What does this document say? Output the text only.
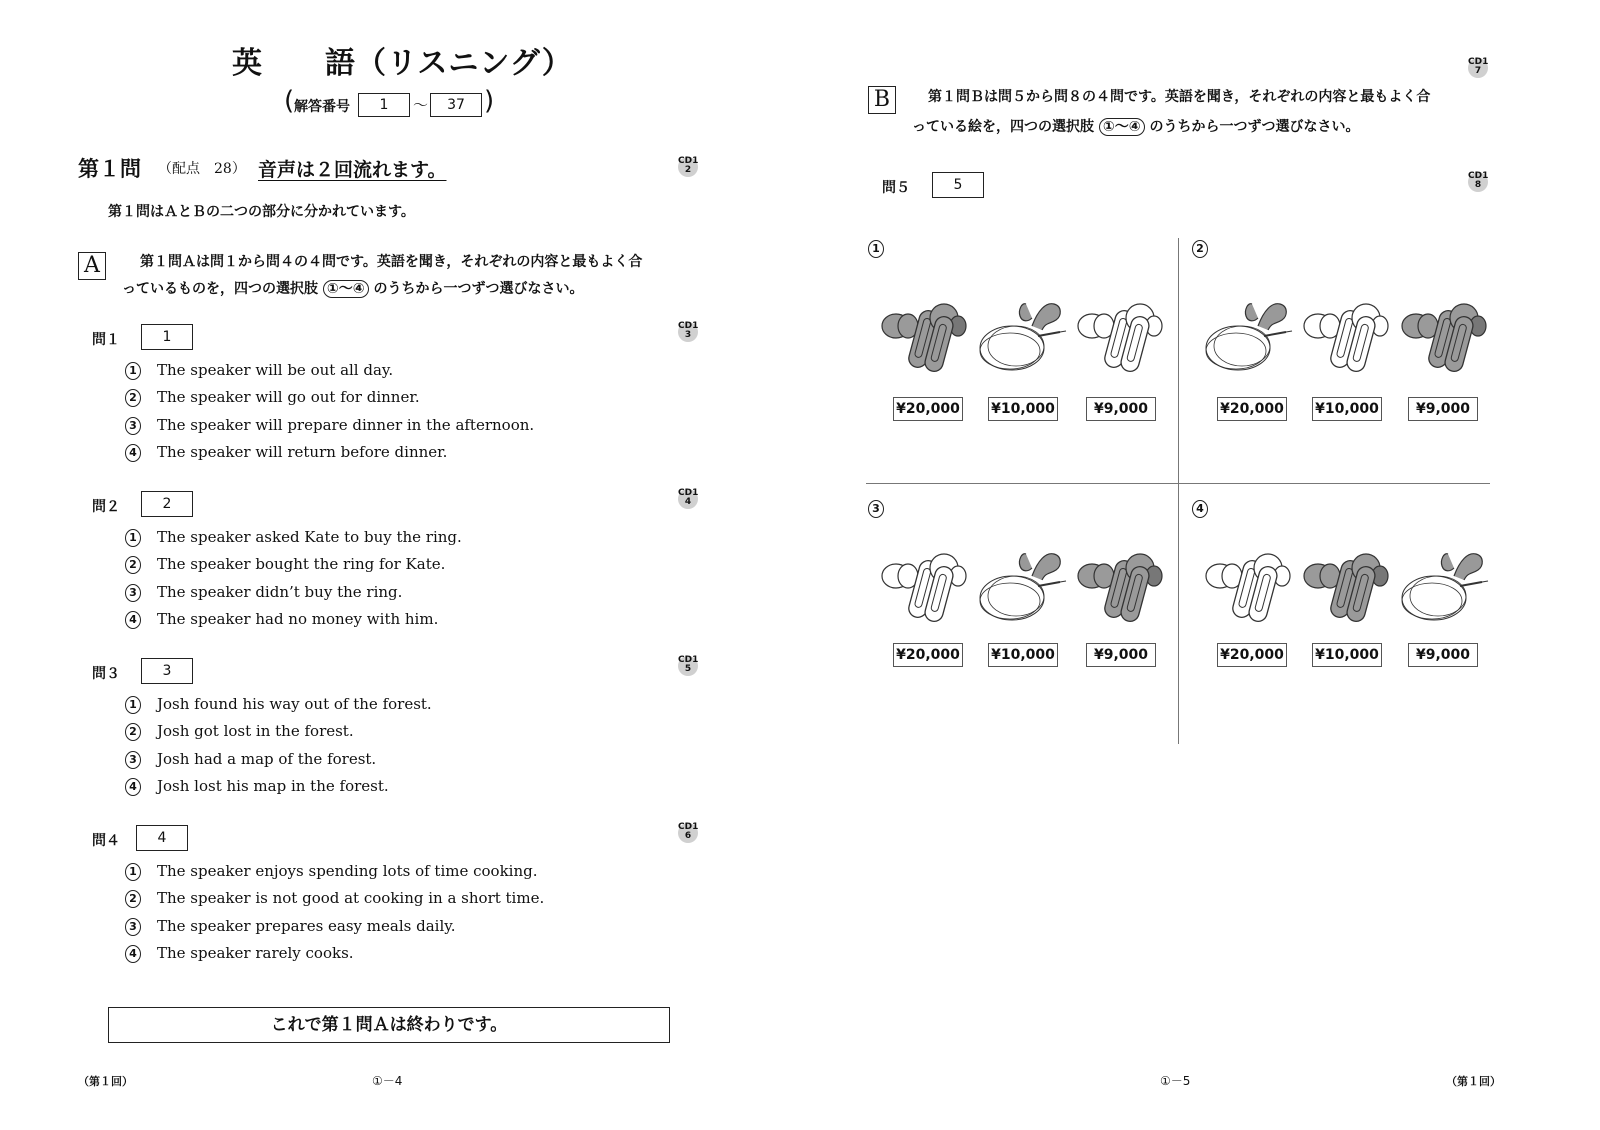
英　　語（リスニング）
( 解答番号	1	〜	37 )
第１問 （配点　28） 音声は２回流れます。	CD1
2
第１問はＡとＢの二つの部分に分かれています。
A	第１問Ａは問１から問４の４問です。英語を聞き，それぞれの内容と最もよく合
っているものを，四つの選択肢 ①〜④ のうちから一つずつ選びなさい。
問１	1
CD1
3
1 The speaker will be out all day.
2 The speaker will go out for dinner.
3 The speaker will prepare dinner in the afternoon.
4 The speaker will return before dinner.
問２	2
CD1
4
1 The speaker asked Kate to buy the ring.
2 The speaker bought the ring for Kate.
3 The speaker didn’t buy the ring.
4 The speaker had no money with him.
問３	3
CD1
5
1 Josh found his way out of the forest.
2 Josh got lost in the forest.
3 Josh had a map of the forest.
4 Josh lost his map in the forest.
問４	4
CD1
6
1 The speaker enjoys spending lots of time cooking.
2 The speaker is not good at cooking in a short time.
3 The speaker prepares easy meals daily.
4 The speaker rarely cooks.
これで第１問Ａは終わりです。
（第１回）	①－4
B	第１問Ｂは問５から問８の４問です。英語を聞き，それぞれの内容と最もよく合
っている絵を，四つの選択肢 ①〜④ のうちから一つずつ選びなさい。
CD1
7
問５	5
CD1
8
1
¥20,000 ¥10,000	¥9,000
2
¥20,000 ¥10,000	¥9,000
3
¥20,000 ¥10,000	¥9,000
4
¥20,000 ¥10,000	¥9,000
①－5	（第１回）
